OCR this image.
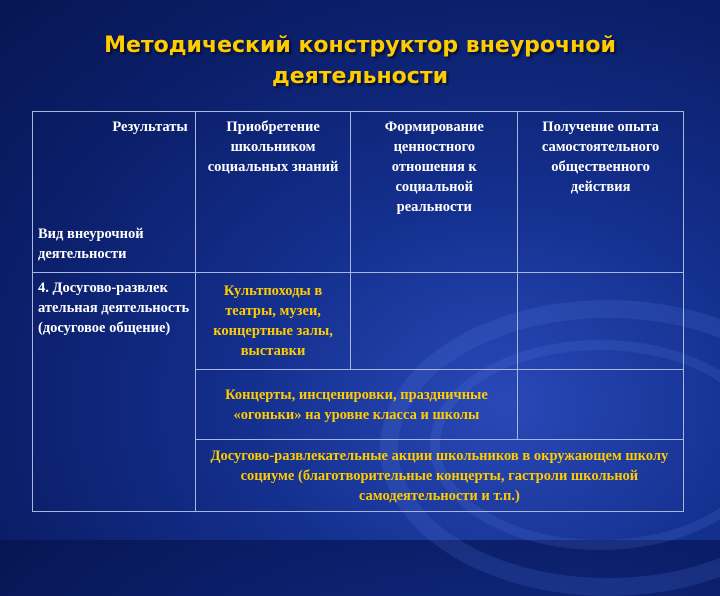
Методический конструктор внеурочной
деятельности
Результаты
Вид внеурочной деятельности	Приобретение школьником социальных знаний	Формирование ценностного отношения к социальной реальности	Получение опыта самостоятельного общественного действия
4. Досугово-развлек ательная деятельность (досуговое общение)	Культпоходы в театры, музеи, концертные залы, выставки		
	Концерты, инсценировки, праздничные «огоньки» на уровне класса и школы		
	Досугово-развлекательные акции школьников в окружающем школу социуме (благотворительные концерты, гастроли школьной самодеятельности и т.п.)		
